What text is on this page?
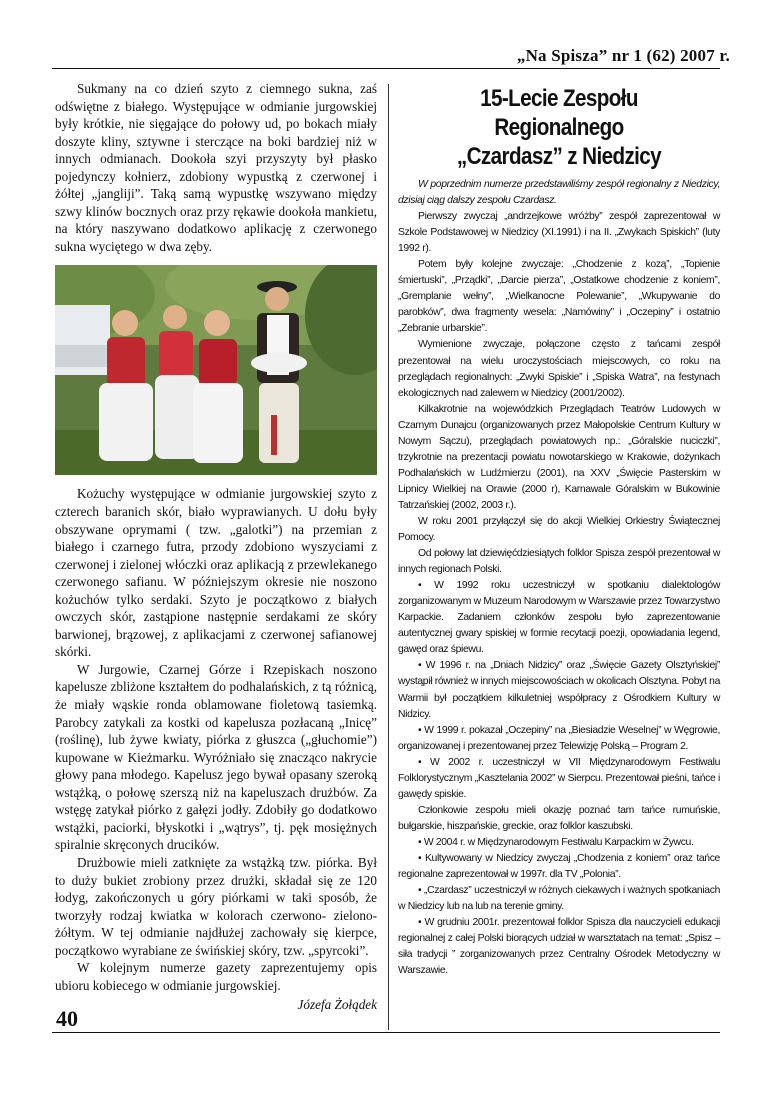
„Na Spisza” nr 1 (62) 2007 r.

Sukmany na co dzień szyto z ciemnego sukna, zaś odświętne z białego. Występujące w odmianie jurgowskiej były krótkie, nie sięgające do połowy ud, po bokach miały doszyte kliny, sztywne i sterczące na boki bardziej niż w innych odmianach. Dookoła szyi przyszyty był płasko pojedynczy kołnierz, zdobiony wypustką z czerwonej i żółtej „jangliji”. Taką samą wypustkę wszywano między szwy klinów bocznych oraz przy rękawie dookoła mankietu, na który naszywano dodatkowo aplikację z czerwonego sukna wyciętego w dwa zęby.

Kożuchy występujące w odmianie jurgowskiej szyto z czterech baranich skór, biało wyprawianych. U dołu były obszywane oprymami ( tzw. „galotki”) na przemian z białego i czarnego futra, przody zdobiono wyszyciami z czerwonej i zielonej włóczki oraz aplikacją z przewlekanego czerwonego safianu. W późniejszym okresie nie noszono kożuchów tylko serdaki. Szyto je początkowo z białych owczych skór, zastąpione następnie serdakami ze skóry barwionej, brązowej, z aplikacjami z czerwonej safianowej skórki.

W Jurgowie, Czarnej Górze i Rzepiskach noszono kapelusze zbliżone kształtem do podhalańskich, z tą różnicą, że miały wąskie ronda oblamowane fioletową tasiemką. Parobcy zatykali za kostki od kapelusza pozłacaną „Inicę” (roślinę), lub żywe kwiaty, piórka z głuszca („głuchomie”) kupowane w Kieżmarku. Wyróżniało się znacząco nakrycie głowy pana młodego. Kapelusz jego bywał opasany szeroką wstążką, o połowę szerszą niż na kapeluszach drużbów. Za wstęgę zatykał piórko z gałęzi jodły. Zdobiły go dodatkowo wstążki, paciorki, błyskotki i „wątrys”, tj. pęk mosiężnych spiralnie skręconych drucików.

Drużbowie mieli zatknięte za wstążką tzw. piórka. Był to duży bukiet zrobiony przez drużki, składał się ze 120 łodyg, zakończonych u góry piórkami w taki sposób, że tworzyły rodzaj kwiatka w kolorach czerwono- zielono-żółtym. W tej odmianie najdłużej zachowały się kierpce, początkowo wyrabiane ze świńskiej skóry, tzw. „spyrcoki”.

W kolejnym numerze gazety zaprezentujemy opis ubioru kobiecego w odmianie jurgowskiej.

Józefa Żołądek
15-Lecie Zespołu Regionalnego
„Czardasz” z Niedzicy

W poprzednim numerze przedstawiliśmy zespół regionalny z Niedzicy, dzisiaj ciąg dalszy zespołu Czardasz.

Pierwszy zwyczaj „andrzejkowe wróżby” zespół zaprezentował w Szkole Podstawowej w Niedzicy (XI.1991) i na II. „Zwykach Spiskich” (luty 1992 r).

Potem były kolejne zwyczaje: „Chodzenie z kozą”, „Topienie śmiertuski”, „Prządki”, „Darcie pierza”, „Ostatkowe chodzenie z koniem”, „Gremplanie wełny”, „Wielkanocne Polewanie”, „Wkupywanie do parobków”, dwa fragmenty wesela: „Namówiny” i „Oczepiny” i ostatnio „Zebranie urbarskie”.

Wymienione zwyczaje, połączone często z tańcami zespół prezentował na wielu uroczystościach miejscowych, co roku na przeglądach regionalnych: „Zwyki Spiskie” i „Spiska Watra”, na festynach ekologicznych nad zalewem w Niedzicy (2001/2002).

Kilkakrotnie na wojewódzkich Przeglądach Teatrów Ludowych w Czarnym Dunajcu (organizowanych przez Małopolskie Centrum Kultury w Nowym Sączu), przeglądach powiatowych np.: „Góralskie nuciczki”, trzykrotnie na prezentacji powiatu nowotarskiego w Krakowie, dożynkach Podhalańskich w Ludźmierzu (2001), na XXV „Święcie Pasterskim w Lipnicy Wielkiej na Orawie (2000 r), Karnawale Góralskim w Bukowinie Tatrzańskiej (2002, 2003 r.).

W roku 2001 przyłączył się do akcji Wielkiej Orkiestry Świątecznej Pomocy.

Od połowy lat dziewięćdziesiątych folklor Spisza zespół prezentował w innych regionach Polski.

• W 1992 roku uczestniczył w spotkaniu dialektologów zorganizowanym w Muzeum Narodowym w Warszawie przez Towarzystwo Karpackie. Zadaniem członków zespołu było zaprezentowanie autentycznej gwary spiskiej w formie recytacji poezji, opowiadania legend, gawęd oraz śpiewu.

• W 1996 r. na „Dniach Nidzicy” oraz „Święcie Gazety Olsztyńskiej” wystąpił również w innych miejscowościach w okolicach Olsztyna. Pobyt na Warmii był początkiem kilkuletniej współpracy z Ośrodkiem Kultury w Nidzicy.

• W 1999 r. pokazał „Oczepiny” na „Biesiadzie Weselnej” w Węgrowie, organizowanej i prezentowanej przez Telewizję Polską – Program 2.

• W 2002 r. uczestniczył w VII Międzynarodowym Festiwalu Folklorystycznym „Kasztelania 2002” w Sierpcu. Prezentował pieśni, tańce i gawędy spiskie.

Członkowie zespołu mieli okazję poznać tam tańce rumuńskie, bułgarskie, hiszpańskie, greckie, oraz folklor kaszubski.

• W 2004 r. w Międzynarodowym Festiwalu Karpackim w Żywcu.

• Kultywowany w Niedzicy zwyczaj „Chodzenia z koniem” oraz tańce regionalne zaprezentował w 1997r. dla TV „Polonia”.

• „Czardasz” uczestniczył w różnych ciekawych i ważnych spotkaniach w Niedzicy lub na lub na terenie gminy.

• W grudniu 2001r. prezentował folklor Spisza dla nauczycieli edukacji regionalnej z całej Polski biorących udział w warsztatach na temat: „Spisz – siła tradycji ” zorganizowanych przez Centralny Ośrodek Metodyczny w Warszawie.

40
